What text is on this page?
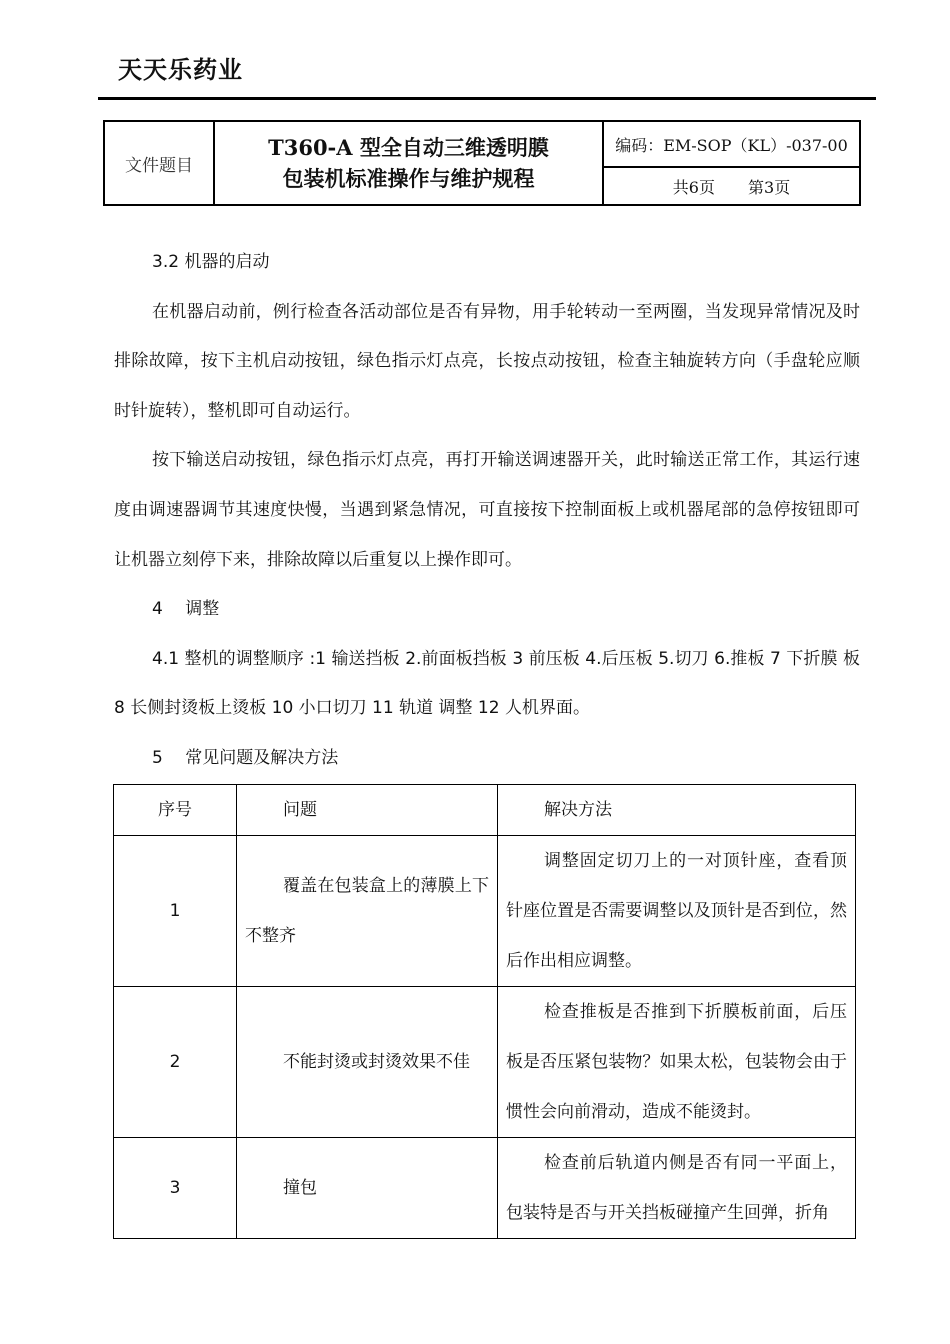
天天乐药业
文件题目	
T360-A 型全自动三维透明膜
包装机标准操作与维护规程
	编码：EM-SOP（KL）-037-00
共6页 第3页

3.2 机器的启动

在机器启动前，例行检查各活动部位是否有异物，用手轮转动一至两圈，当发现异常情况及时排除故障，按下主机启动按钮，绿色指示灯点亮，长按点动按钮，检查主轴旋转方向（手盘轮应顺时针旋转），整机即可自动运行。

按下输送启动按钮，绿色指示灯点亮，再打开输送调速器开关，此时输送正常工作，其运行速度由调速器调节其速度快慢，当遇到紧急情况，可直接按下控制面板上或机器尾部的急停按钮即可让机器立刻停下来，排除故障以后重复以上操作即可。

4　 调整

4.1 整机的调整顺序 :1 输送挡板 2.前面板挡板 3 前压板 4.后压板 5.切刀 6.推板 7 下折膜 板 8 长侧封烫板上烫板 10 小口切刀 11 轨道 调整 12 人机界面。

5　 常见问题及解决方法

序号	问题	解决方法
1	覆盖在包装盒上的薄膜上下不整齐	调整固定切刀上的一对顶针座，查看顶针座位置是否需要调整以及顶针是否到位，然后作出相应调整。
2	不能封烫或封烫效果不佳	检查推板是否推到下折膜板前面，后压板是否压紧包装物？如果太松，包装物会由于惯性会向前滑动，造成不能烫封。
3	撞包	检查前后轨道内侧是否有同一平面上，包装特是否与开关挡板碰撞产生回弹，折角
